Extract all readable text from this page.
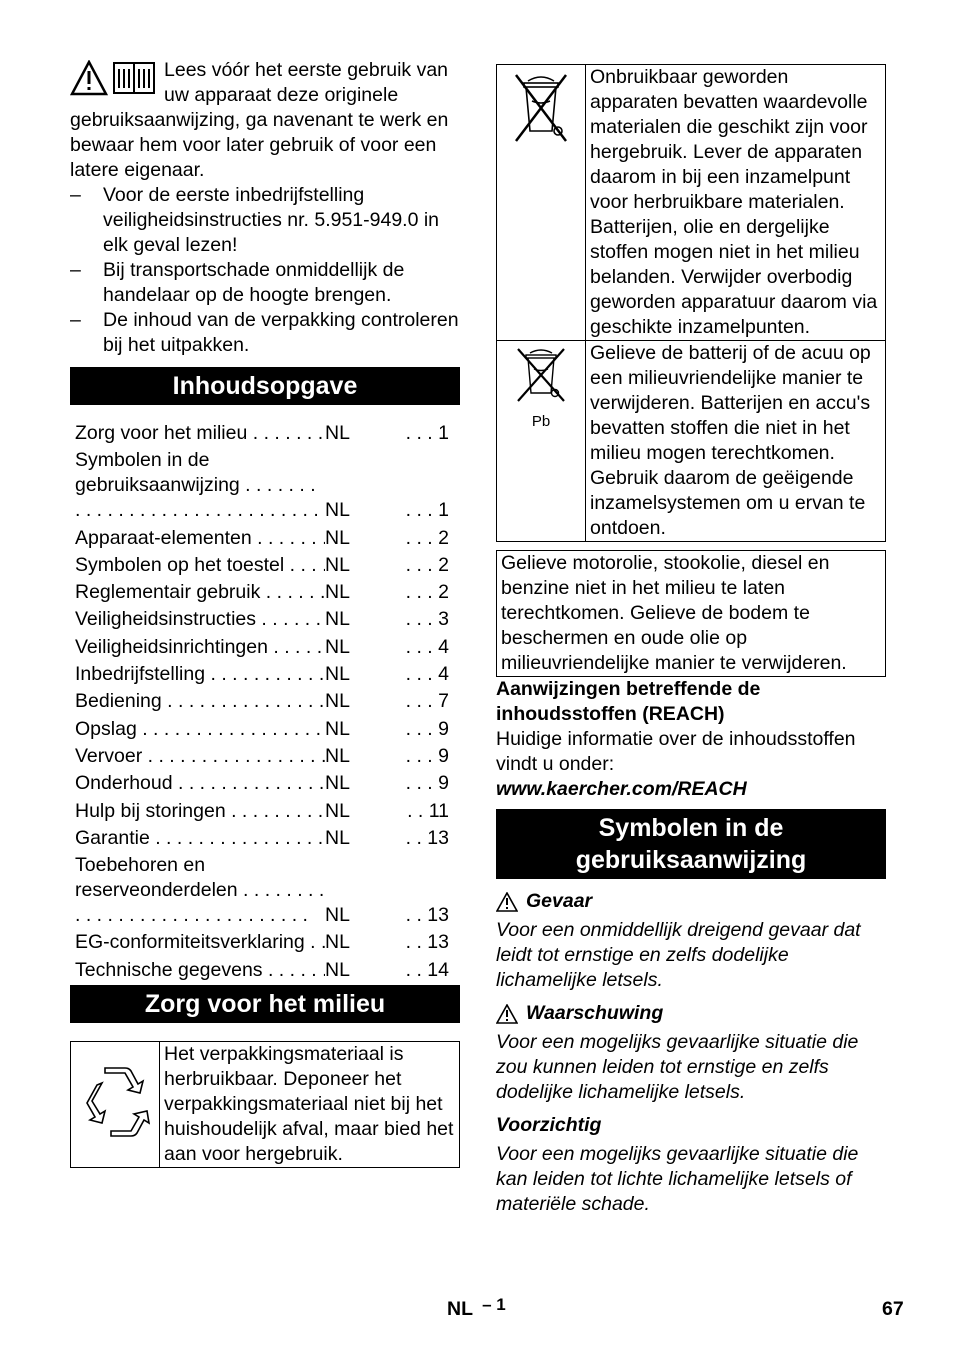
Lees vóór het eerste gebruik van uw apparaat deze originele gebruiksaanwijzing, ga navenant te werk en bewaar hem voor later gebruik of voor een latere eigenaar.

– Voor de eerste inbedrijfstelling veiligheidsinstructies nr. 5.951-949.0 in elk geval lezen!
– Bij transportschade onmiddellijk de handelaar op de hoogte brengen.
– De inhoud van de verpakking controleren bij het uitpakken.
Inhoudsopgave
Zorg voor het milieu . . .	NL	. . . 1
Symbolen in de gebruiksaanwijzing . . .
NL	. . . 1
Apparaat-elementen . . .	NL	. . . 2
Symbolen op het toestel . . .	NL	. . . 2
Reglementair gebruik . . .	NL	. . . 2
Veiligheidsinstructies . . .	NL	. . . 3
Veiligheidsinrichtingen . . .	NL	. . . 4
Inbedrijfstelling . . .	NL	. . . 4
Bediening . . .	NL	. . . 7
Opslag . . .	NL	. . . 9
Vervoer . . .	NL	. . . 9
Onderhoud . . .	NL	. . . 9
Hulp bij storingen . . .	NL	. . 11
Garantie . . .	NL	. . 13
Toebehoren en reserveonderdelen . . .
NL	. . 13
EG-conformiteitsverklaring . . .	NL	. . 13
Technische gegevens . . .	NL	. . 14
Zorg voor het milieu
	Het verpakkingsmateriaal is herbruikbaar. Deponeer het verpakkingsmateriaal niet bij het huishoudelijk afval, maar bied het aan voor hergebruik.
	Onbruikbaar geworden apparaten bevatten waardevolle materialen die geschikt zijn voor hergebruik. Lever de apparaten daarom in bij een inzamelpunt voor herbruikbare materialen. Batterijen, olie en dergelijke stoffen mogen niet in het milieu belanden. Verwijder overbodig geworden apparatuur daarom via geschikte inzamelpunten.

Pb	Gelieve de batterij of de acuu op een milieuvriendelijke manier te verwijderen. Batterijen en accu's bevatten stoffen die niet in het milieu mogen terechtkomen. Gebruik daarom de geëigende inzamelsystemen om u ervan te ontdoen.
Gelieve motorolie, stookolie, diesel en benzine niet in het milieu te laten terechtkomen. Gelieve de bodem te beschermen en oude olie op milieuvriendelijke manier te verwijderen.

Aanwijzingen betreffende de inhoudsstoffen (REACH)

Huidige informatie over de inhoudsstoffen vindt u onder:

www.kaercher.com/REACH

Symbolen in de gebruiksaanwijzing
Gevaar

Voor een onmiddellijk dreigend gevaar dat leidt tot ernstige en zelfs dodelijke lichamelijke letsels.

Waarschuwing

Voor een mogelijks gevaarlijke situatie die zou kunnen leiden tot ernstige en zelfs dodelijke lichamelijke letsels.

Voorzichtig

Voor een mogelijks gevaarlijke situatie die kan leiden tot lichte lichamelijke letsels of materiële schade.

NL – 1	67
